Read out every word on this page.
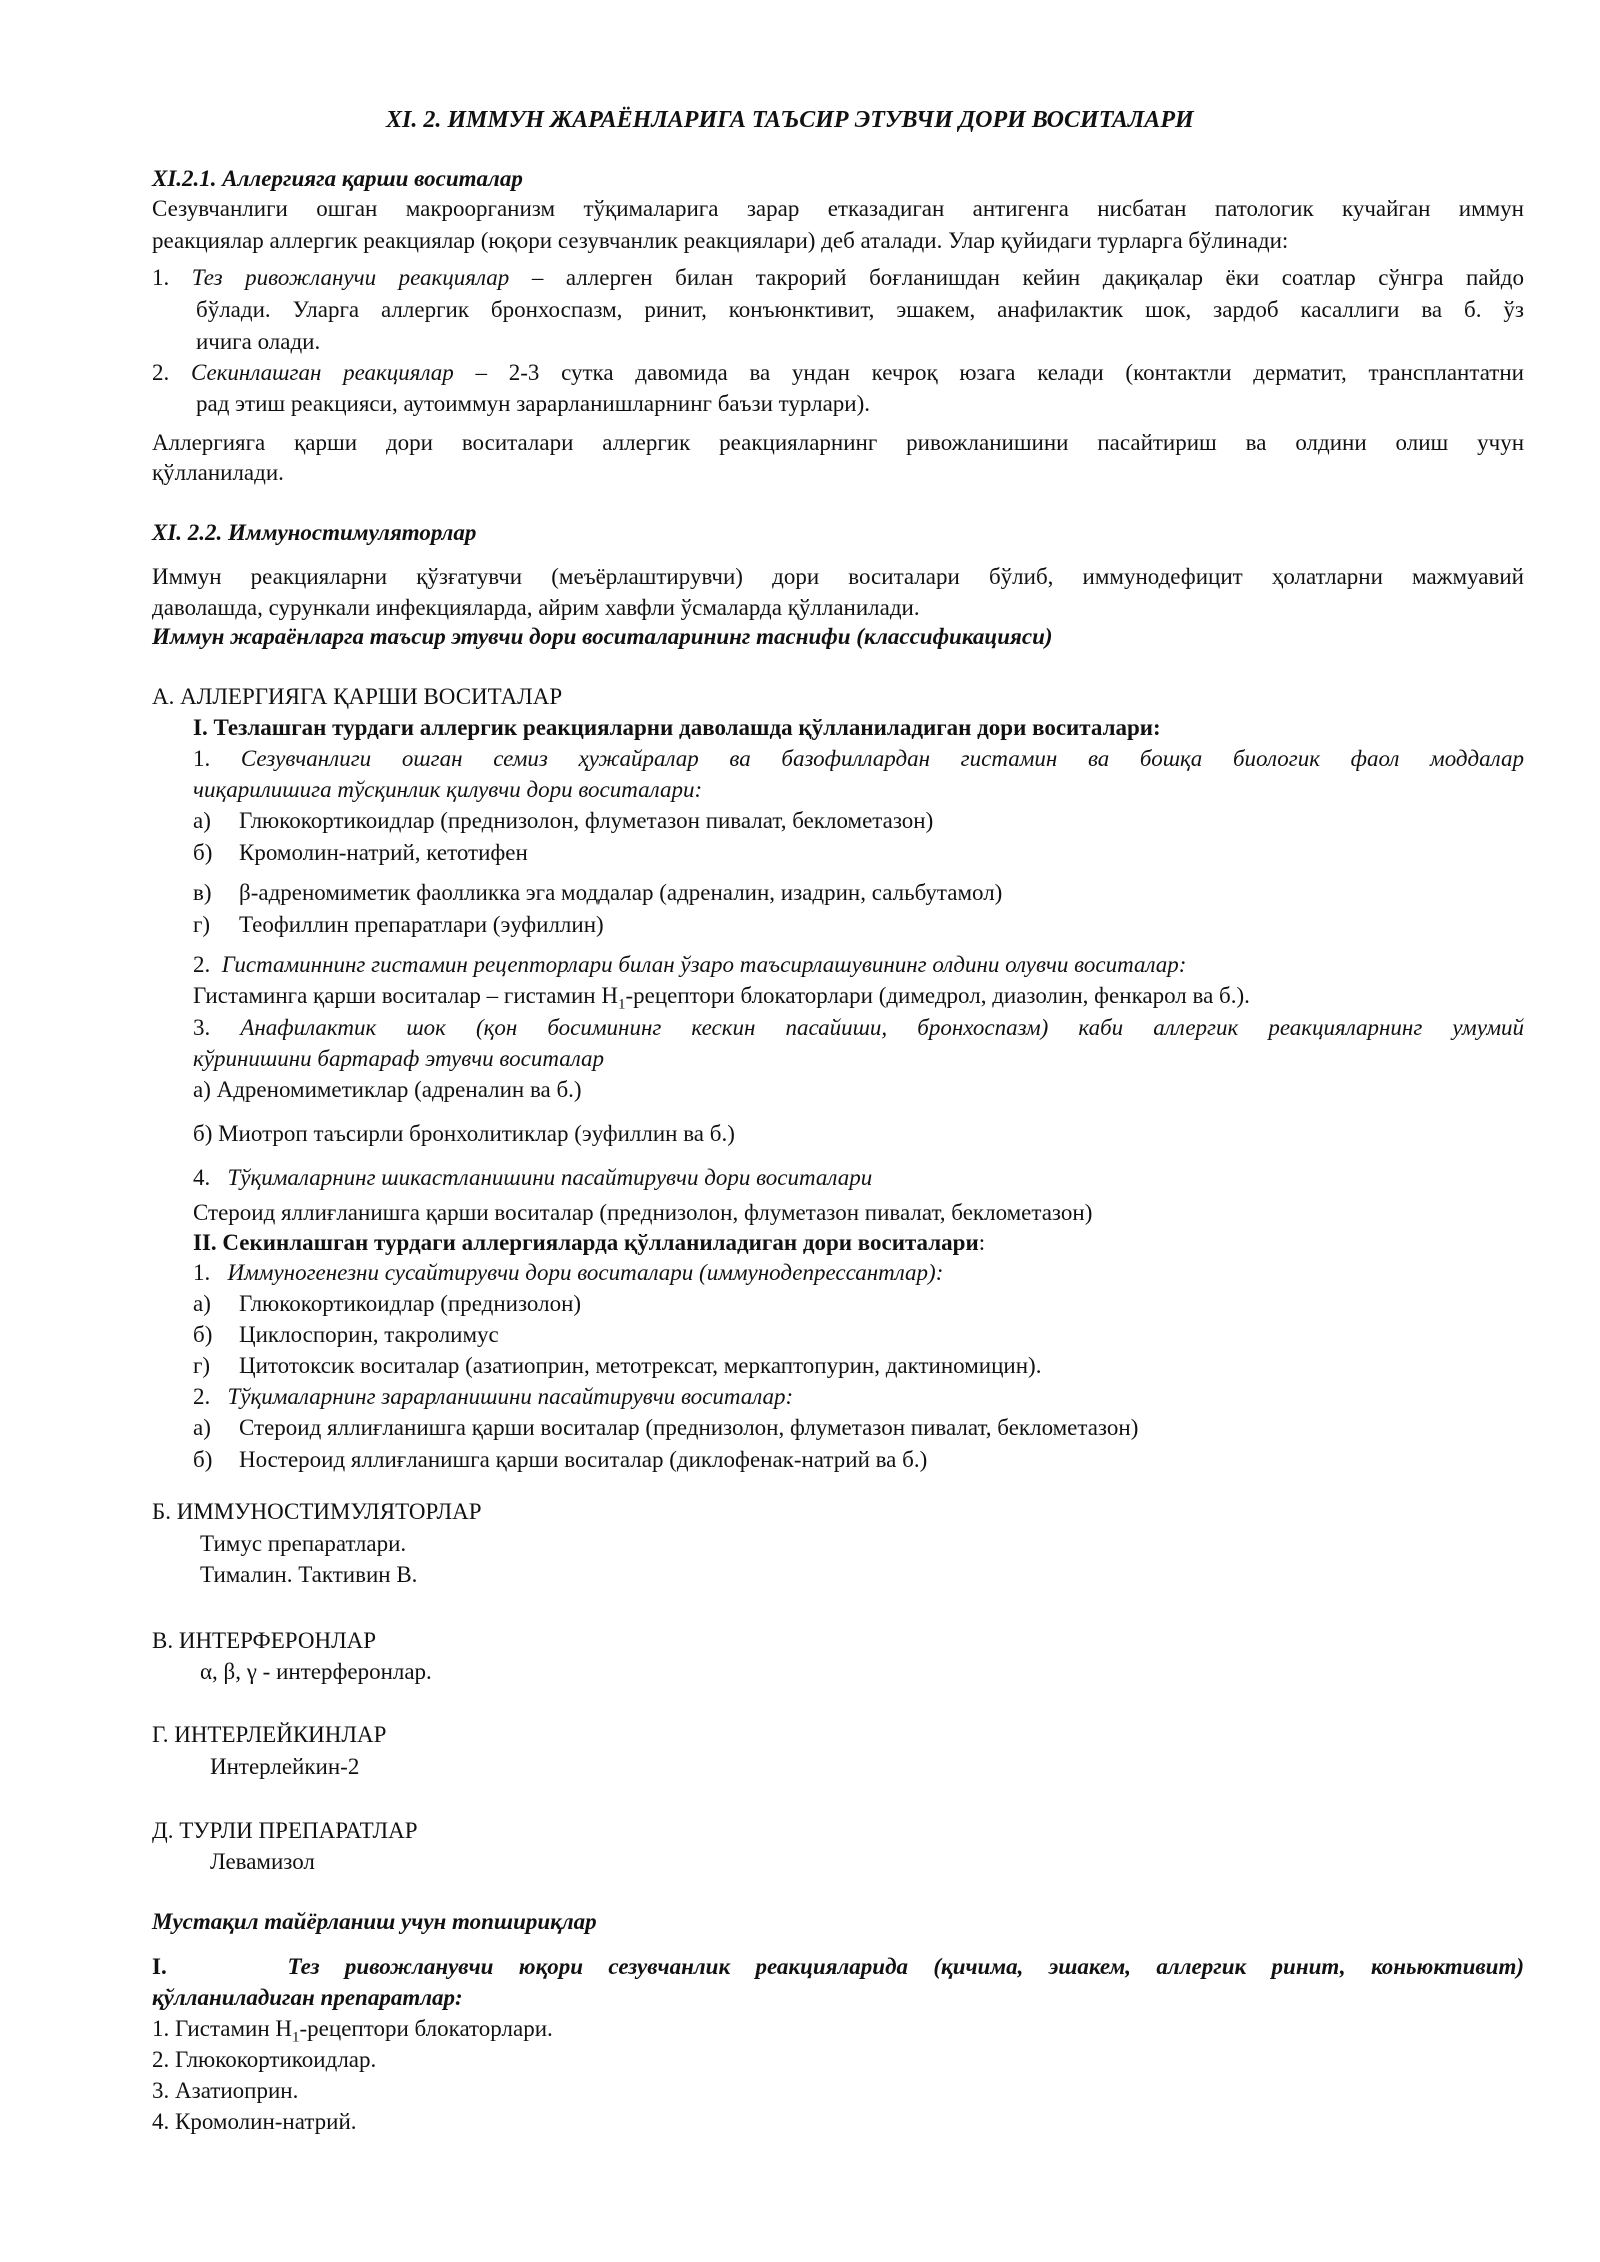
XI. 2. ИММУН ЖАРАЁНЛАРИГА ТАЪСИР ЭТУВЧИ ДОРИ ВОСИТАЛАРИ
XI.2.1. Аллергияга қарши воситалар
Сезувчанлиги ошган макроорганизм тўқималарига зарар етказадиган антигенга нисбатан патологик кучайган иммун
реакциялар аллергик реакциялар (юқори сезувчанлик реакциялари) деб аталади. Улар қуйидаги турларга бўлинади:
1. Тез ривожланучи реакциялар – аллерген билан такрорий боғланишдан кейин дақиқалар ёки соатлар сўнгра пайдо
бўлади. Уларга аллергик бронхоспазм, ринит, конъюнктивит, эшакем, анафилактик шок, зардоб касаллиги ва б. ўз
ичига олади.
2. Секинлашган реакциялар – 2-3 сутка давомида ва ундан кечроқ юзага келади (контактли дерматит, трансплантатни
рад этиш реакцияси, аутоиммун зарарланишларнинг баъзи турлари).
Аллергияга қарши дори воситалари аллергик реакцияларнинг ривожланишини пасайтириш ва олдини олиш учун
қўлланилади.
XI. 2.2. Иммуностимуляторлар
Иммун реакцияларни қўзғатувчи (меъёрлаштирувчи) дори воситалари бўлиб, иммунодефицит ҳолатларни мажмуавий
даволашда, сурункали инфекцияларда, айрим хавфли ўсмаларда қўлланилади.
Иммун жараёнларга таъсир этувчи дори воситаларининг таснифи (классификацияси)
А. АЛЛЕРГИЯГА ҚАРШИ ВОСИТАЛАР
I. Тезлашган турдаги аллергик реакцияларни даволашда қўлланиладиган дори воситалари:
1. Сезувчанлиги ошган семиз ҳужайралар ва базофиллардан гистамин ва бошқа биологик фаол моддалар
чиқарилишига тўсқинлик қилувчи дори воситалари:
а) Глюкокортикоидлар (преднизолон, флуметазон пивалат, беклометазон)
б) Кромолин-натрий, кетотифен
в) β-адреномиметик фаолликка эга моддалар (адреналин, изадрин, сальбутамол)
г) Теофиллин препаратлари (эуфиллин)
2. Гистаминнинг гистамин рецепторлари билан ўзаро таъсирлашувининг олдини олувчи воситалар:
Гистаминга қарши воситалар – гистамин $Н_1$-рецептори блокаторлари (димедрол, диазолин, фенкарол ва б.).
3. Анафилактик шок (қон босимининг кескин пасайиши, бронхоспазм) каби аллергик реакцияларнинг умумий
кўринишини бартараф этувчи воситалар
а) Адреномиметиклар (адреналин ва б.)
б) Миотроп таъсирли бронхолитиклар (эуфиллин ва б.)
4. Тўқималарнинг шикастланишини пасайтирувчи дори воситалари
Стероид яллиғланишга қарши воситалар (преднизолон, флуметазон пивалат, беклометазон)
II. Секинлашган турдаги аллергияларда қўлланиладиган дори воситалари:
1. Иммуногенезни сусайтирувчи дори воситалари (иммунодепрессантлар):
а) Глюкокортикоидлар (преднизолон)
б) Циклоспорин, такролимус
г) Цитотоксик воситалар (азатиоприн, метотрексат, меркаптопурин, дактиномицин).
2. Тўқималарнинг зарарланишини пасайтирувчи воситалар:
а) Стероид яллиғланишга қарши воситалар (преднизолон, флуметазон пивалат, беклометазон)
б) Ностероид яллиғланишга қарши воситалар (диклофенак-натрий ва б.)
Б. ИММУНОСТИМУЛЯТОРЛАР
Тимус препаратлари.
Тималин. Тактивин В.
В. ИНТЕРФЕРОНЛАР
α, β, γ - интерферонлар.
Г. ИНТЕРЛЕЙКИНЛАР
Интерлейкин-2
Д. ТУРЛИ ПРЕПАРАТЛАР
Левамизол
Мустақил тайёрланиш учун топшириқлар
I.	Тез ривожланувчи юқори сезувчанлик реакцияларида (қичима, эшакем, аллергик ринит, коньюктивит)
қўлланиладиган препаратлар:
1. Гистамин $Н_1$-рецептори блокаторлари.
2. Глюкокортикоидлар.
3. Азатиоприн.
4. Кромолин-натрий.
